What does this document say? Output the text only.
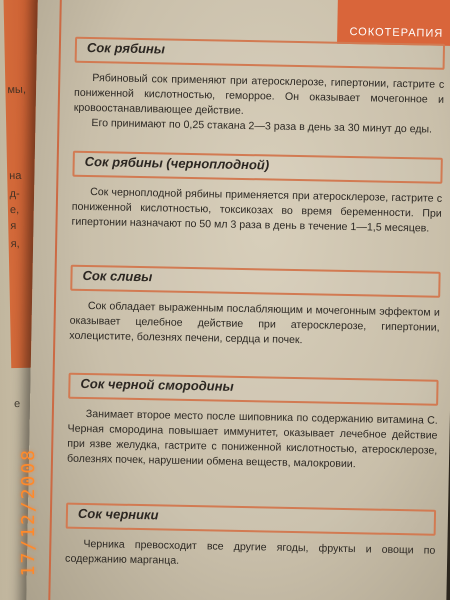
мы,
на
д-
е,
я
я,
е
СОКОТЕРАПИЯ
Сок рябины

Рябиновый сок применяют при атеросклерозе, гипертонии, гастрите с пониженной кислотностью, геморрое. Он оказывает мочегонное и кровоостанавливающее действие.

Его принимают по 0,25 стакана 2—3 раза в день за 30 минут до еды.

Сок рябины (черноплодной)

Сок черноплодной рябины применяется при атеросклерозе, гастрите с пониженной кислотностью, токсикозах во время беременности. При гипертонии назначают по 50 мл 3 раза в день в течение 1—1,5 месяцев.

Сок сливы

Сок обладает выраженным послабляющим и мочегонным эффектом и оказывает целебное действие при атеросклерозе, гипертонии, холецистите, болезнях печени, сердца и почек.

Сок черной смородины

Занимает второе место после шиповника по содержанию витамина С. Черная смородина повышает иммунитет, оказывает лечебное действие при язве желудка, гастрите с пониженной кислотностью, атеросклерозе, болезнях почек, нарушении обмена веществ, малокровии.

Сок черники

Черника превосходит все другие ягоды, фрукты и овощи по содержанию марганца.

17/12/2008
